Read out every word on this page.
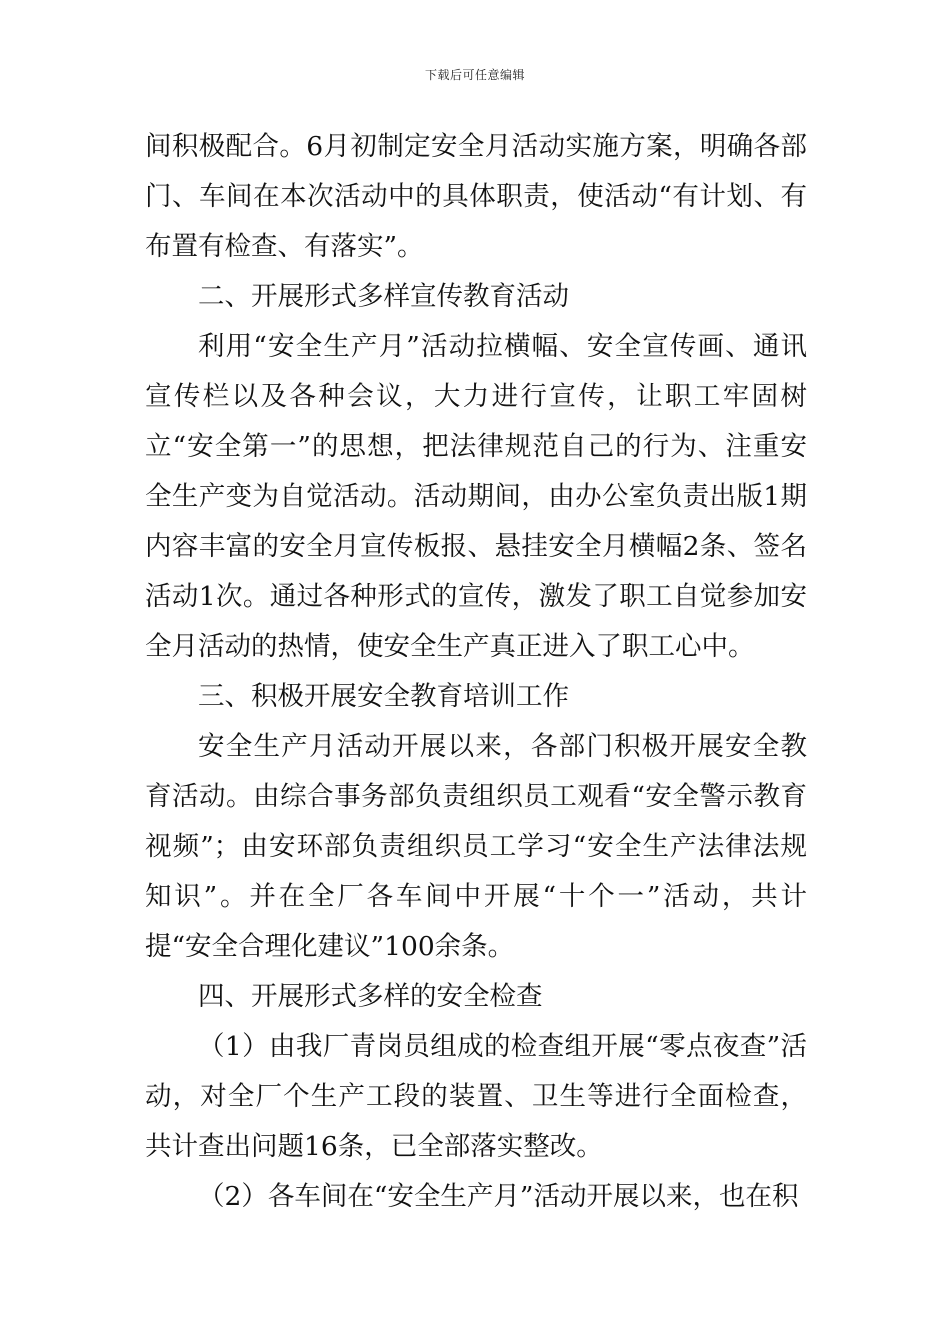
下载后可任意编辑

间积极配合。6月初制定安全月活动实施方案，明确各部门、车间在本次活动中的具体职责，使活动“有计划、有布置有检查、有落实”。

二、开展形式多样宣传教育活动

利用“安全生产月”活动拉横幅、安全宣传画、通讯宣传栏以及各种会议，大力进行宣传，让职工牢固树立“安全第一”的思想，把法律规范自己的行为、注重安全生产变为自觉活动。活动期间，由办公室负责出版1期内容丰富的安全月宣传板报、悬挂安全月横幅2条、签名活动1次。通过各种形式的宣传，激发了职工自觉参加安全月活动的热情，使安全生产真正进入了职工心中。

三、积极开展安全教育培训工作

安全生产月活动开展以来，各部门积极开展安全教育活动。由综合事务部负责组织员工观看“安全警示教育视频”；由安环部负责组织员工学习“安全生产法律法规知识”。并在全厂各车间中开展“十个一”活动，共计提“安全合理化建议”100余条。

四、开展形式多样的安全检查

（1）由我厂青岗员组成的检查组开展“零点夜查”活动，对全厂个生产工段的装置、卫生等进行全面检查，共计查出问题16条，已全部落实整改。

（2）各车间在“安全生产月”活动开展以来，也在积
